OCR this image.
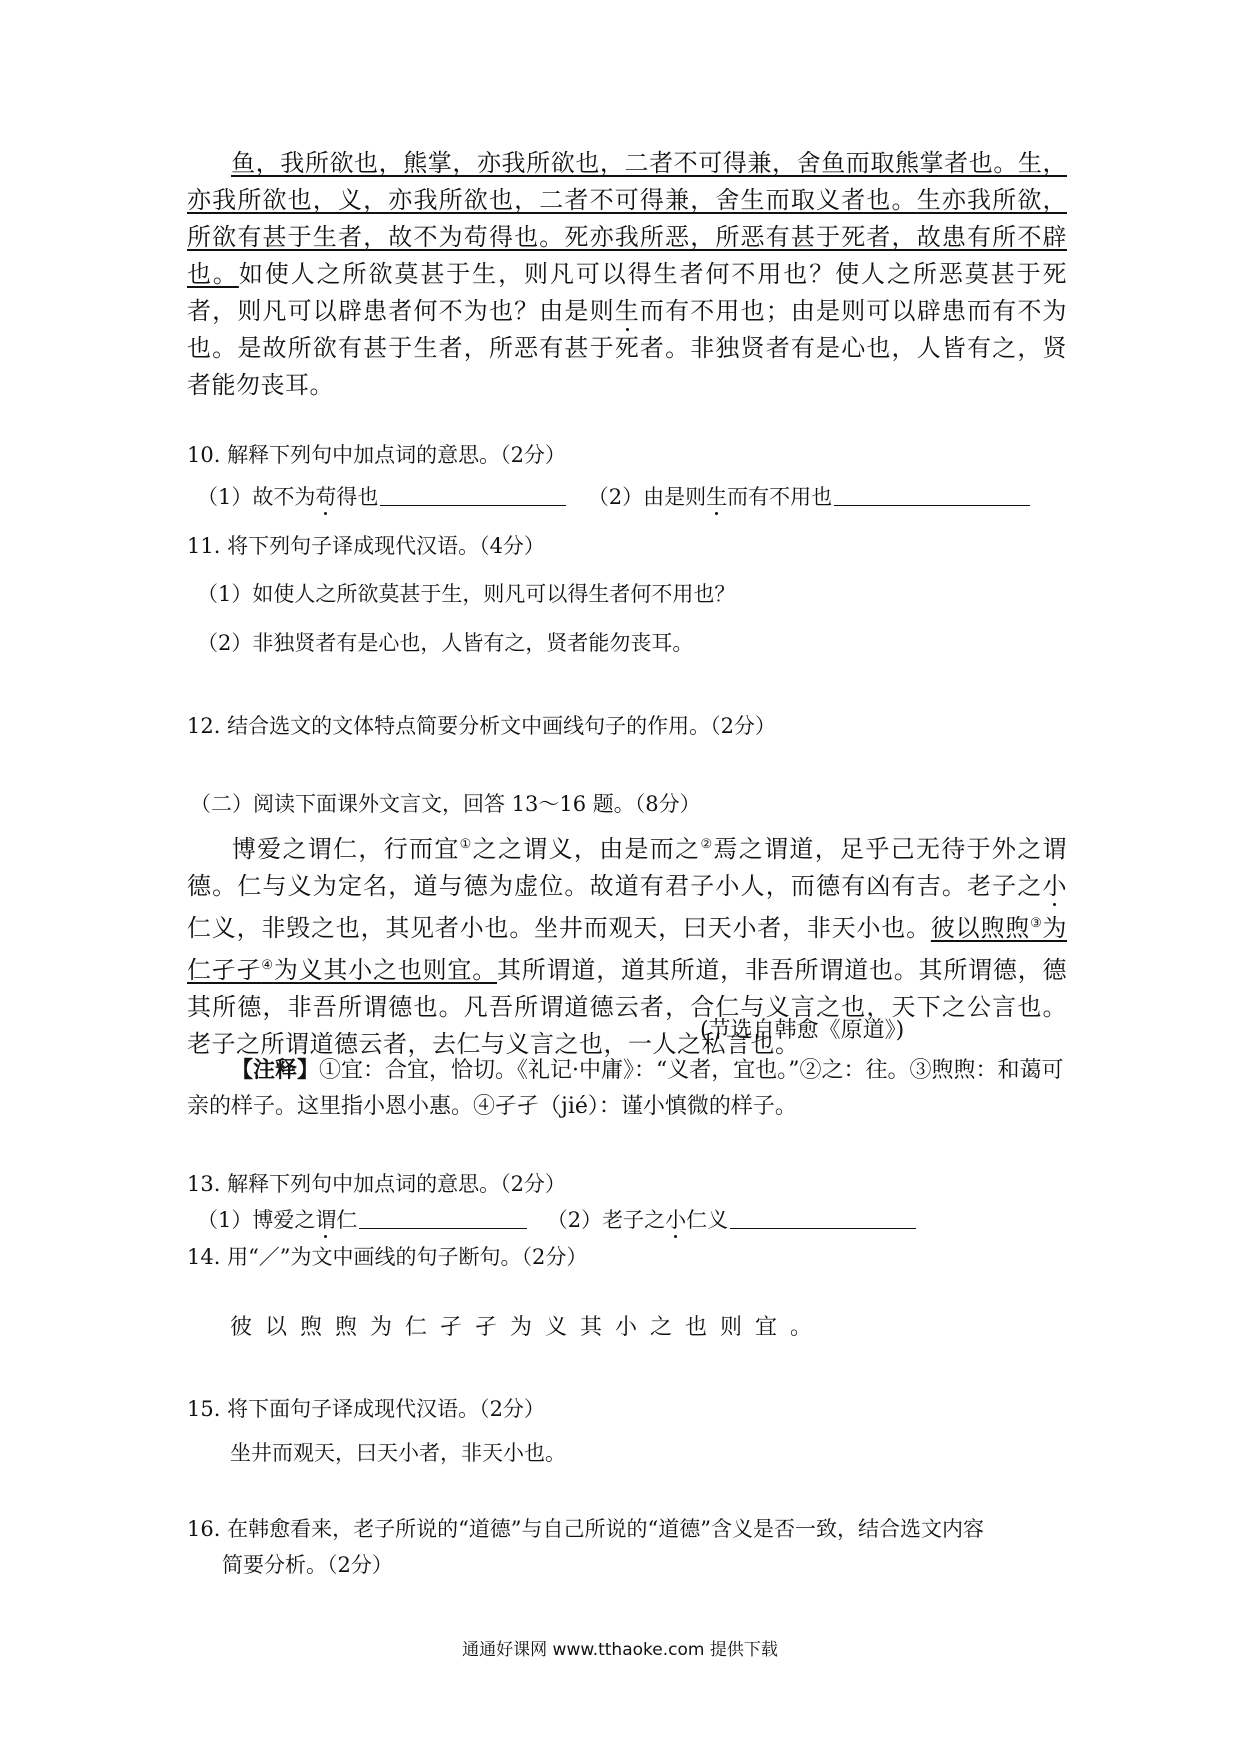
鱼，我所欲也，熊掌，亦我所欲也，二者不可得兼，舍鱼而取熊掌者也。生，亦我所欲也，义，亦我所欲也，二者不可得兼，舍生而取义者也。生亦我所欲，所欲有甚于生者，故不为苟得也。死亦我所恶，所恶有甚于死者，故患有所不辟也。如使人之所欲莫甚于生，则凡可以得生者何不用也？使人之所恶莫甚于死者，则凡可以辟患者何不为也？由是则生而有不用也；由是则可以辟患而有不为也。是故所欲有甚于生者，所恶有甚于死者。非独贤者有是心也，人皆有之，贤者能勿丧耳。
10. 解释下列句中加点词的意思。（2分）
（1）故不为苟得也	（2）由是则生而有不用也
11. 将下列句子译成现代汉语。（4分）
（1）如使人之所欲莫甚于生，则凡可以得生者何不用也？
（2）非独贤者有是心也，人皆有之，贤者能勿丧耳。
12. 结合选文的文体特点简要分析文中画线句子的作用。（2分）
（二）阅读下面课外文言文，回答 13～16 题。（8分）
博爱之谓仁，行而宜①之之谓义，由是而之②焉之谓道，足乎己无待于外之谓德。仁与义为定名，道与德为虚位。故道有君子小人，而德有凶有吉。老子之小仁义，非毁之也，其见者小也。坐井而观天，曰天小者，非天小也。彼以煦煦③为仁孑孑④为义其小之也则宜。其所谓道，道其所道，非吾所谓道也。其所谓德，德其所德，非吾所谓德也。凡吾所谓道德云者，合仁与义言之也，天下之公言也。老子之所谓道德云者，去仁与义言之也，一人之私言也。
(节选自韩愈《原道》)
【注释】①宜：合宜，恰切。《礼记·中庸》：“义者，宜也。”②之：往。③煦煦：和蔼可亲的样子。这里指小恩小惠。④孑孑（jié）：谨小慎微的样子。
13. 解释下列句中加点词的意思。（2分）
（1）博爱之谓仁	（2）老子之小仁义
14. 用“／”为文中画线的句子断句。（2分）
彼以煦煦为仁孑孑为义其小之也则宜。
15. 将下面句子译成现代汉语。（2分）
坐井而观天，曰天小者，非天小也。
16. 在韩愈看来，老子所说的“道德”与自己所说的“道德”含义是否一致，结合选文内容
简要分析。（2分）
通通好课网 www.tthaoke.com 提供下载
